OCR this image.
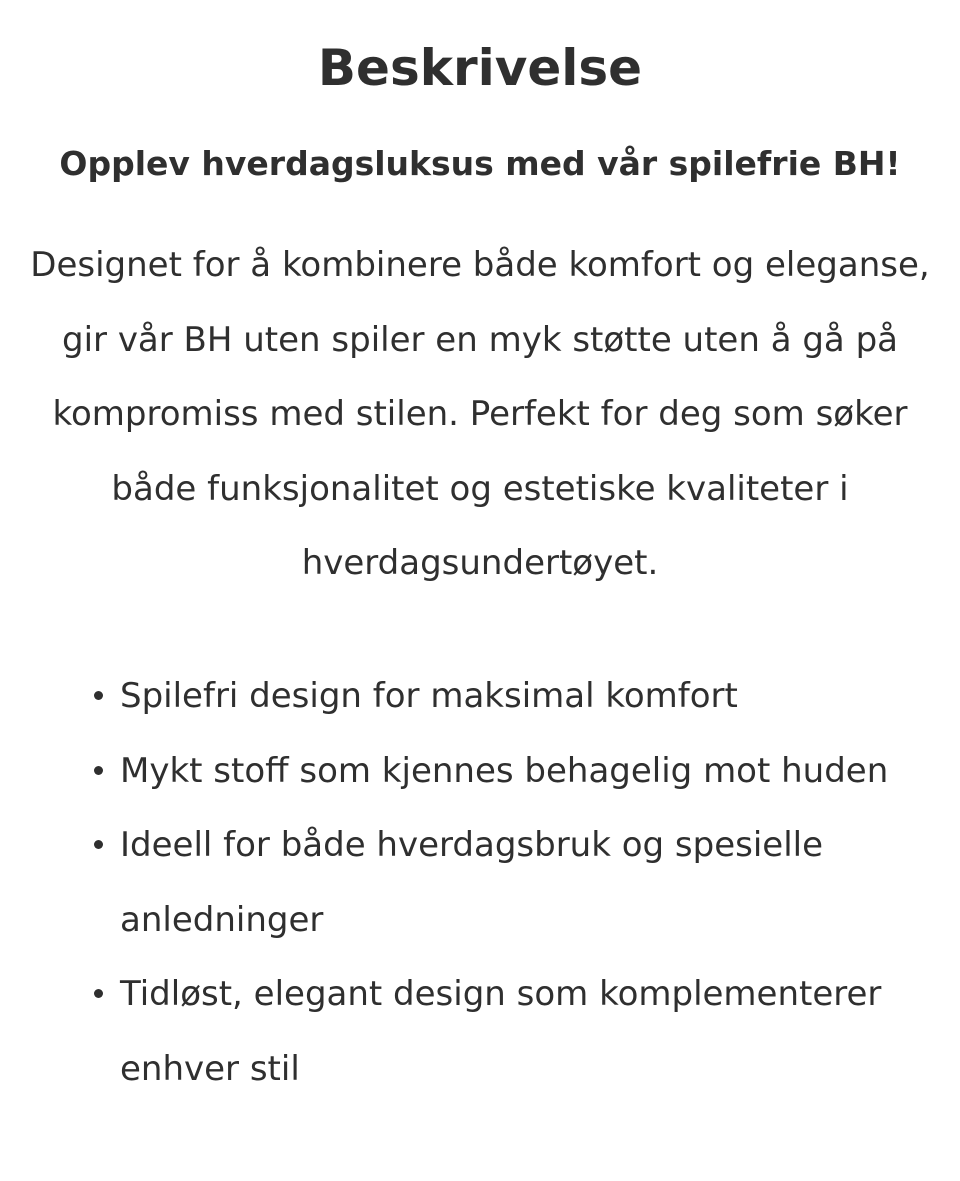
Beskrivelse
Opplev hverdagsluksus med vår spilefrie BH!

Designet for å kombinere både komfort og eleganse, gir vår BH uten spiler en myk støtte uten å gå på kompromiss med stilen. Perfekt for deg som søker både funksjonalitet og estetiske kvaliteter i hverdagsundertøyet.

Spilefri design for maksimal komfort
Mykt stoff som kjennes behagelig mot huden
Ideell for både hverdagsbruk og spesielle anledninger
Tidløst, elegant design som komplementerer enhver stil
